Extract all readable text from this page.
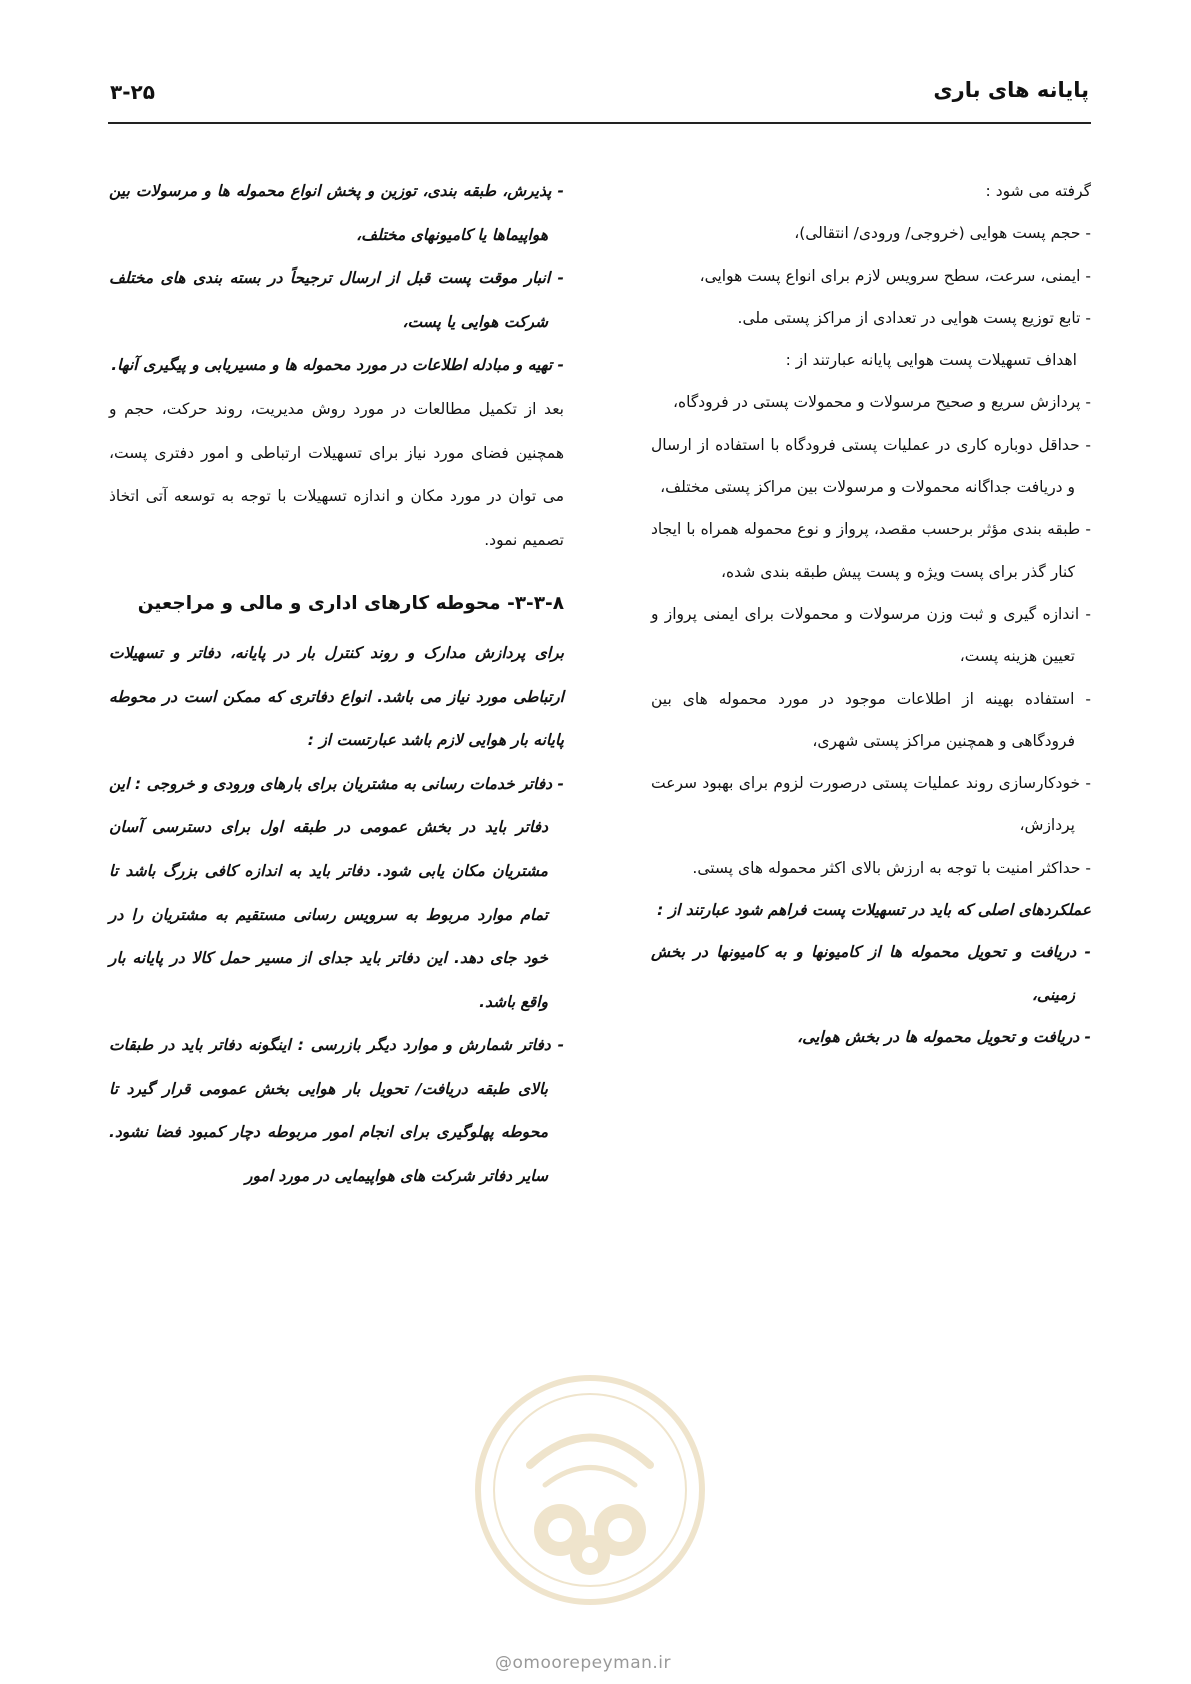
پایانه های باری
۳-۲۵
گرفته می شود :
- حجم پست هوایی (خروجی/ ورودی/ انتقالی)،
- ایمنی، سرعت، سطح سرویس لازم برای انواع پست هوایی،
- تابع توزیع پست هوایی در تعدادی از مراکز پستی ملی.
اهداف تسهیلات پست هوایی پایانه عبارتند از :
- پردازش سریع و صحیح مرسولات و محمولات پستی در فرودگاه،
- حداقل دوباره کاری در عملیات پستی فرودگاه با استفاده از ارسال و دریافت جداگانه محمولات و مرسولات بین مراکز پستی مختلف،
- طبقه بندی مؤثر برحسب مقصد، پرواز و نوع محموله همراه با ایجاد کنار گذر برای پست ویژه و پست پیش طبقه بندی شده،
- اندازه گیری و ثبت وزن مرسولات و محمولات برای ایمنی پرواز و تعیین هزینه پست،
- استفاده بهینه از اطلاعات موجود در مورد محموله های بین فرودگاهی و همچنین مراکز پستی شهری،
- خودکارسازی روند عملیات پستی درصورت لزوم برای بهبود سرعت پردازش،
- حداکثر امنیت با توجه به ارزش بالای اکثر محموله های پستی.
عملکردهای اصلی که باید در تسهیلات پست فراهم شود عبارتند از :
- دریافت و تحویل محموله ها از کامیونها و به کامیونها در بخش زمینی،
- دریافت و تحویل محموله ها در بخش هوایی،
- پذیرش، طبقه بندی، توزین و پخش انواع محموله ها و مرسولات بین هواپیماها یا کامیونهای مختلف،
- انبار موقت پست قبل از ارسال ترجیحاً در بسته بندی های مختلف شرکت هوایی یا پست،
- تهیه و مبادله اطلاعات در مورد محموله ها و مسیریابی و پیگیری آنها.
بعد از تکمیل مطالعات در مورد روش مدیریت، روند حرکت، حجم و همچنین فضای مورد نیاز برای تسهیلات ارتباطی و امور دفتری پست، می توان در مورد مکان و اندازه تسهیلات با توجه به توسعه آتی اتخاذ تصمیم نمود.
۳-۳-۸- محوطه کارهای اداری و مالی و مراجعین
برای پردازش مدارک و روند کنترل بار در پایانه، دفاتر و تسهیلات ارتباطی مورد نیاز می باشد. انواع دفاتری که ممکن است در محوطه پایانه بار هوایی لازم باشد عبارتست از :
- دفاتر خدمات رسانی به مشتریان برای بارهای ورودی و خروجی : این دفاتر باید در بخش عمومی در طبقه اول برای دسترسی آسان مشتریان مکان یابی شود. دفاتر باید به اندازه کافی بزرگ باشد تا تمام موارد مربوط به سرویس رسانی مستقیم به مشتریان را در خود جای دهد. این دفاتر باید جدای از مسیر حمل کالا در پایانه بار واقع باشد.
- دفاتر شمارش و موارد دیگر بازرسی : اینگونه دفاتر باید در طبقات بالای طبقه دریافت/ تحویل بار هوایی بخش عمومی قرار گیرد تا محوطه پهلوگیری برای انجام امور مربوطه دچار کمبود فضا نشود. سایر دفاتر شرکت های هواپیمایی در مورد امور
@omoorepeyman.ir
